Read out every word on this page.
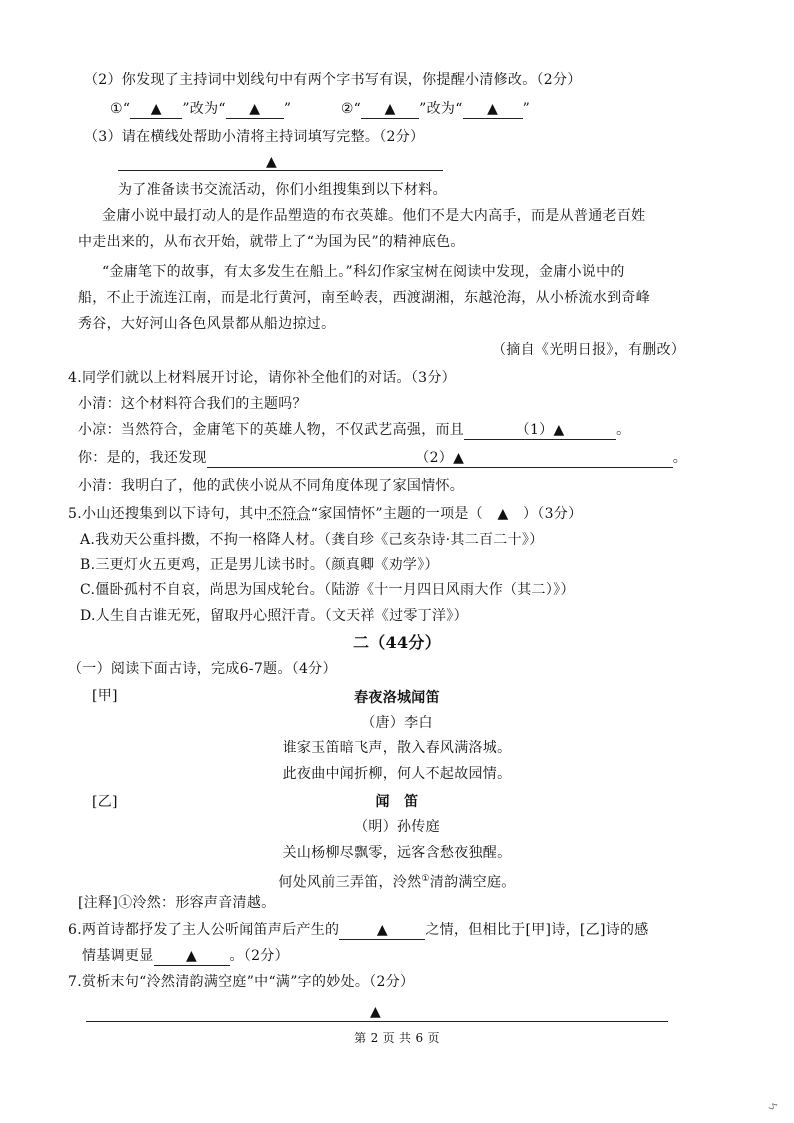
（2）你发现了主持词中划线句中有两个字书写有误，你提醒小清修改。（2分）
①“ ▲ ”改为“ ▲ ”	②“ ▲ ”改为“ ▲ ”
（3）请在横线处帮助小清将主持词填写完整。（2分）
▲
为了准备读书交流活动，你们小组搜集到以下材料。
金庸小说中最打动人的是作品塑造的布衣英雄。他们不是大内高手，而是从普通老百姓
中走出来的，从布衣开始，就带上了“为国为民”的精神底色。
“金庸笔下的故事，有太多发生在船上。”科幻作家宝树在阅读中发现，金庸小说中的
船，不止于流连江南，而是北行黄河，南至岭表，西渡湖湘，东越沧海，从小桥流水到奇峰
秀谷，大好河山各色风景都从船边掠过。
（摘自《光明日报》，有删改）
4.同学们就以上材料展开讨论，请你补全他们的对话。（3分）
小清：这个材料符合我们的主题吗？
小凉：当然符合，金庸笔下的英雄人物，不仅武艺高强，而且	（1）▲	。
你：是的，我还发现	（2）▲	。
小清：我明白了，他的武侠小说从不同角度体现了家国情怀。
5.小山还搜集到以下诗句，其中不符合“家国情怀”主题的一项是（ ▲ ）（3分）
A.我劝天公重抖擞，不拘一格降人材。（龚自珍《己亥杂诗·其二百二十》）
B.三更灯火五更鸡，正是男儿读书时。（颜真卿《劝学》）
C.僵卧孤村不自哀，尚思为国戍轮台。（陆游《十一月四日风雨大作（其二）》）
D.人生自古谁无死，留取丹心照汗青。（文天祥《过零丁洋》）
二（44分）
（一）阅读下面古诗，完成6-7题。（4分）
[甲]	春夜洛城闻笛
（唐）李白
谁家玉笛暗飞声，散入春风满洛城。
此夜曲中闻折柳，何人不起故园情。
[乙]	闻　笛
（明）孙传庭
关山杨柳尽飘零，远客含愁夜独醒。
何处风前三弄笛，泠然①清韵满空庭。
[注释]①泠然：形容声音清越。
6.两首诗都抒发了主人公听闻笛声后产生的	▲	之情，但相比于[甲]诗，[乙]诗的感
情基调更显 ▲ 。（2分）
7.赏析末句“泠然清韵满空庭”中“满”字的妙处。（2分）
▲
第 2 页 共 6 页
ㄣ
